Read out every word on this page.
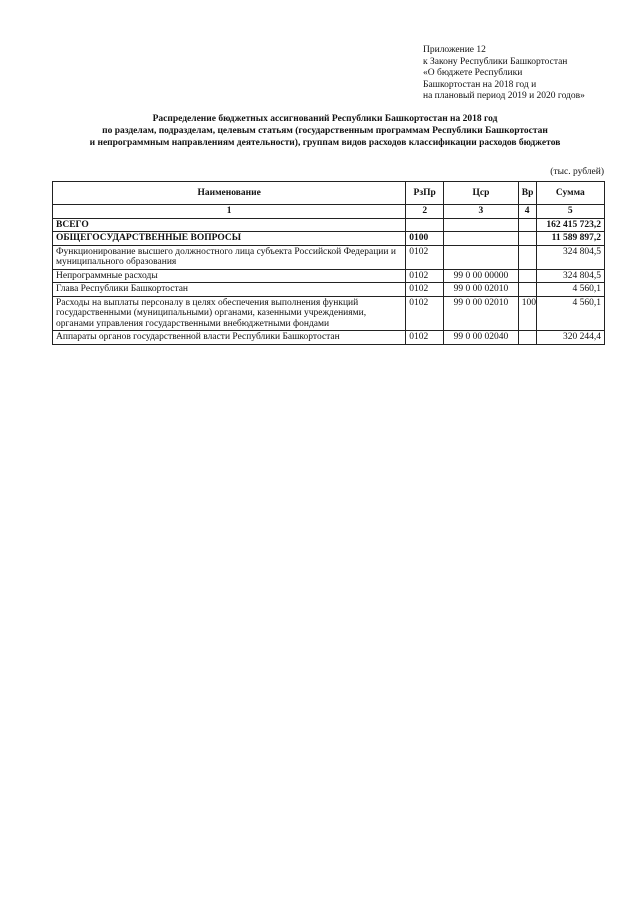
Приложение 12
к Закону Республики Башкортостан
«О бюджете Республики
Башкортостан на 2018 год и
на плановый период 2019 и 2020 годов»
Распределение бюджетных ассигнований Республики Башкортостан на 2018 год
по разделам, подразделам, целевым статьям (государственным программам Республики Башкортостан
и непрограммным направлениям деятельности), группам видов расходов классификации расходов бюджетов
(тыс. рублей)
Наименование	РзПр	Цср	Вр	Сумма
1	2	3	4	5
ВСЕГО				162 415 723,2
ОБЩЕГОСУДАРСТВЕННЫЕ ВОПРОСЫ	0100			11 589 897,2
Функционирование высшего должностного лица субъекта Российской Федерации и муниципального образования	0102			324 804,5
Непрограммные расходы	0102	99 0 00 00000		324 804,5
Глава Республики Башкортостан	0102	99 0 00 02010		4 560,1
Расходы на выплаты персоналу в целях обеспечения выполнения функций государственными (муниципальными) органами, казенными учреждениями, органами управления государственными внебюджетными фондами	0102	99 0 00 02010	100	4 560,1
Аппараты органов государственной власти Республики Башкортостан	0102	99 0 00 02040		320 244,4
